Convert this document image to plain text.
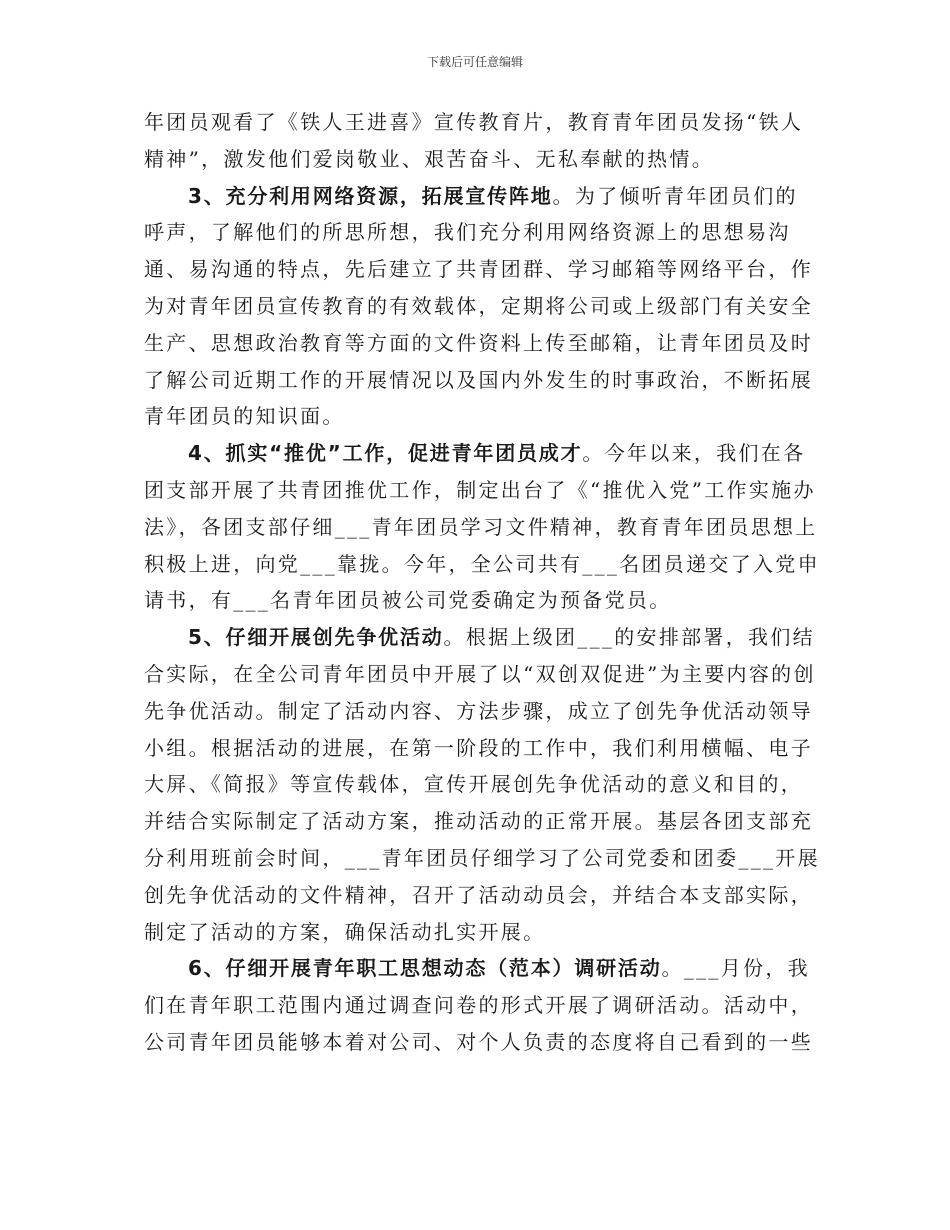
下载后可任意编辑

年团员观看了《铁人王进喜》宣传教育片，教育青年团员发扬“铁人精神”，激发他们爱岗敬业、艰苦奋斗、无私奉献的热情。

3、充分利用网络资源，拓展宣传阵地。为了倾听青年团员们的呼声，了解他们的所思所想，我们充分利用网络资源上的思想易沟通、易沟通的特点，先后建立了共青团群、学习邮箱等网络平台，作为对青年团员宣传教育的有效载体，定期将公司或上级部门有关安全生产、思想政治教育等方面的文件资料上传至邮箱，让青年团员及时了解公司近期工作的开展情况以及国内外发生的时事政治，不断拓展青年团员的知识面。

4、抓实“推优”工作，促进青年团员成才。今年以来，我们在各团支部开展了共青团推优工作，制定出台了《“推优入党”工作实施办法》，各团支部仔细___青年团员学习文件精神，教育青年团员思想上积极上进，向党___靠拢。今年，全公司共有___名团员递交了入党申请书，有___名青年团员被公司党委确定为预备党员。

5、仔细开展创先争优活动。根据上级团___的安排部署，我们结合实际，在全公司青年团员中开展了以“双创双促进”为主要内容的创先争优活动。制定了活动内容、方法步骤，成立了创先争优活动领导小组。根据活动的进展，在第一阶段的工作中，我们利用横幅、电子大屏、《简报》等宣传载体，宣传开展创先争优活动的意义和目的，并结合实际制定了活动方案，推动活动的正常开展。基层各团支部充分利用班前会时间，___青年团员仔细学习了公司党委和团委___开展创先争优活动的文件精神，召开了活动动员会，并结合本支部实际，制定了活动的方案，确保活动扎实开展。

6、仔细开展青年职工思想动态（范本）调研活动。___月份，我们在青年职工范围内通过调查问卷的形式开展了调研活动。活动中，公司青年团员能够本着对公司、对个人负责的态度将自己看到的一些
